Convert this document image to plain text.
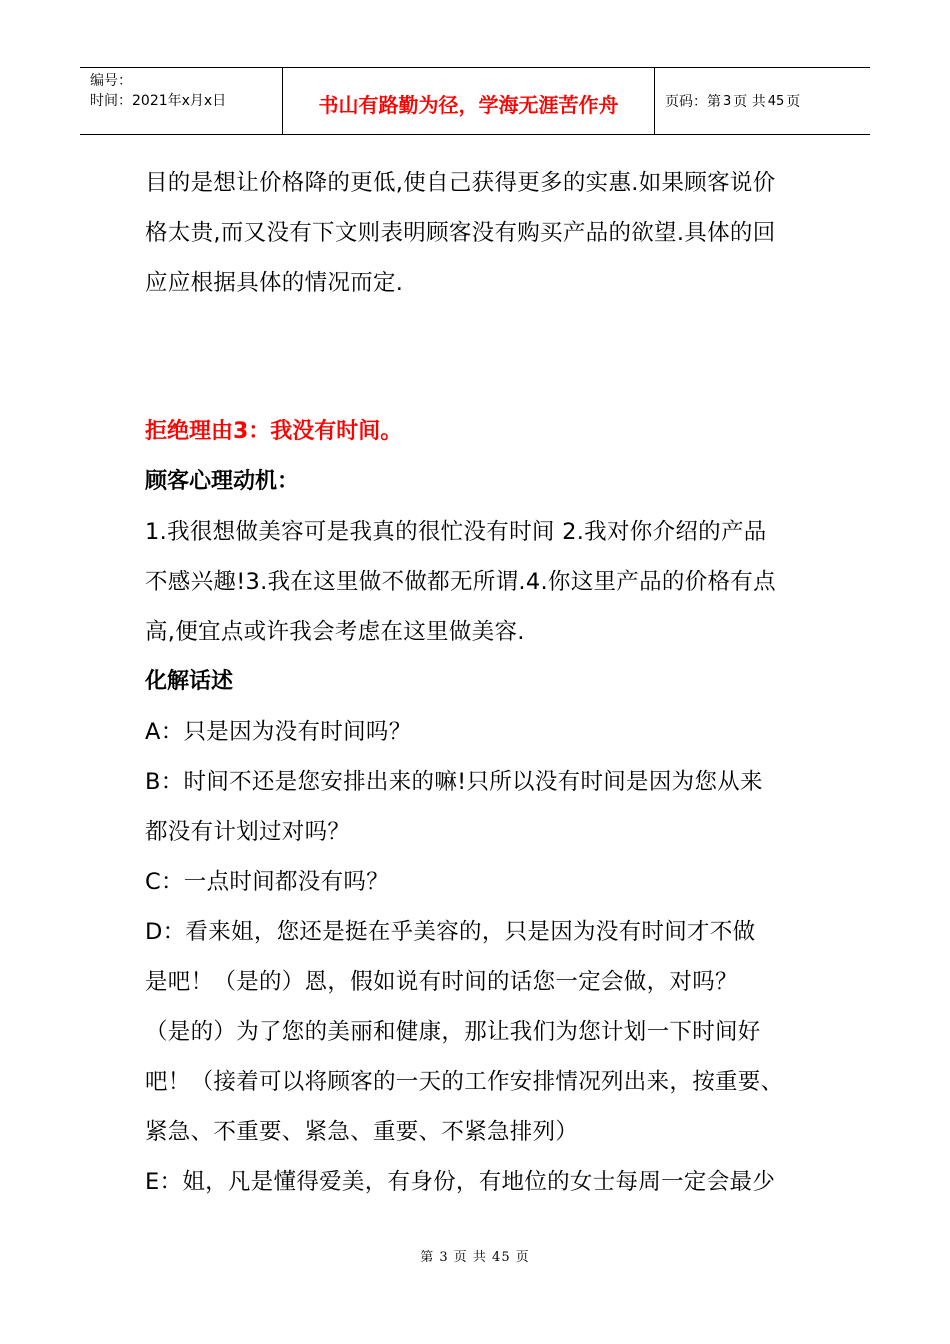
编号：
时间：2021年x月x日	书山有路勤为径，学海无涯苦作舟	页码：第 3 页 共 45 页

目的是想让价格降的更低,使自己获得更多的实惠.如果顾客说价

格太贵,而又没有下文则表明顾客没有购买产品的欲望.具体的回

应应根据具体的情况而定.

拒绝理由3：我没有时间。

顾客心理动机：

1.我很想做美容可是我真的很忙没有时间 2.我对你介绍的产品

不感兴趣!3.我在这里做不做都无所谓.4.你这里产品的价格有点

高,便宜点或许我会考虑在这里做美容.

化解话述

A：只是因为没有时间吗？

B：时间不还是您安排出来的嘛!只所以没有时间是因为您从来

都没有计划过对吗？

C：一点时间都没有吗？

D：看来姐，您还是挺在乎美容的，只是因为没有时间才不做

是吧！（是的）恩，假如说有时间的话您一定会做，对吗？

（是的）为了您的美丽和健康，那让我们为您计划一下时间好

吧！（接着可以将顾客的一天的工作安排情况列出来，按重要、

紧急、不重要、紧急、重要、不紧急排列）

E：姐，凡是懂得爱美，有身份，有地位的女士每周一定会最少

第 3 页 共 45 页
